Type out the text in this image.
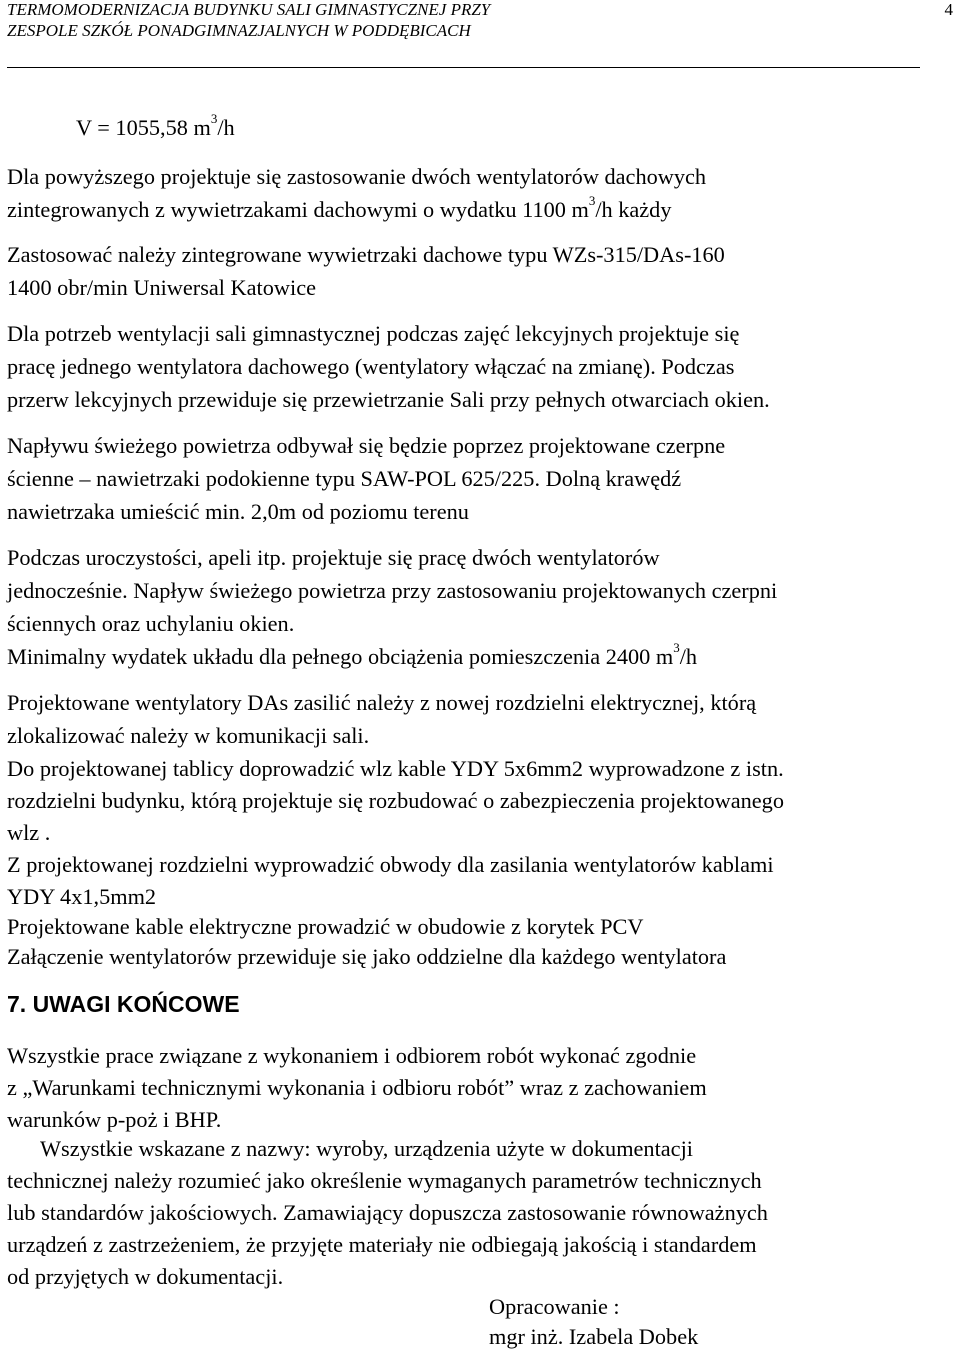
TERMOMODERNIZACJA BUDYNKU SALI GIMNASTYCZNEJ PRZY
ZESPOLE SZKÓŁ PONADGIMNAZJALNYCH W PODDĘBICACH
4
V = 1055,58 $m^3/h$
Dla powyższego projektuje się zastosowanie dwóch wentylatorów dachowych
zintegrowanych z wywietrzakami dachowymi o wydatku 1100 $m^3/h$ każdy
Zastosować należy zintegrowane wywietrzaki dachowe typu WZs-315/DAs-160
1400 obr/min Uniwersal Katowice
Dla potrzeb wentylacji sali gimnastycznej podczas zajęć lekcyjnych projektuje się
pracę jednego wentylatora dachowego (wentylatory włączać na zmianę). Podczas
przerw lekcyjnych przewiduje się przewietrzanie Sali przy pełnych otwarciach okien.
Napływu świeżego powietrza odbywał się będzie poprzez projektowane czerpne
ścienne – nawietrzaki podokienne typu SAW-POL 625/225. Dolną krawędź
nawietrzaka umieścić min. 2,0m od poziomu terenu
Podczas uroczystości, apeli itp. projektuje się pracę dwóch wentylatorów
jednocześnie. Napływ świeżego powietrza przy zastosowaniu projektowanych czerpni
ściennych oraz uchylaniu okien.
Minimalny wydatek układu dla pełnego obciążenia pomieszczenia 2400 $m^3/h$
Projektowane wentylatory DAs zasilić należy z nowej rozdzielni elektrycznej, którą
zlokalizować należy w komunikacji sali.
Do projektowanej tablicy doprowadzić wlz kable YDY 5x6mm2 wyprowadzone z istn.
rozdzielni budynku, którą projektuje się rozbudować o zabezpieczenia projektowanego
wlz .
Z projektowanej rozdzielni wyprowadzić obwody dla zasilania wentylatorów kablami
YDY 4x1,5mm2
Projektowane kable elektryczne prowadzić w obudowie z korytek PCV
Załączenie wentylatorów przewiduje się jako oddzielne dla każdego wentylatora
7. UWAGI KOŃCOWE
Wszystkie prace związane z wykonaniem i odbiorem robót wykonać zgodnie
z „Warunkami technicznymi wykonania i odbioru robót” wraz z zachowaniem
warunków p-poż i BHP.
Wszystkie wskazane z nazwy: wyroby, urządzenia użyte w dokumentacji
technicznej należy rozumieć jako określenie wymaganych parametrów technicznych
lub standardów jakościowych. Zamawiający dopuszcza zastosowanie równoważnych
urządzeń z zastrzeżeniem, że przyjęte materiały nie odbiegają jakością i standardem
od przyjętych w dokumentacji.
Opracowanie :
mgr inż. Izabela Dobek
